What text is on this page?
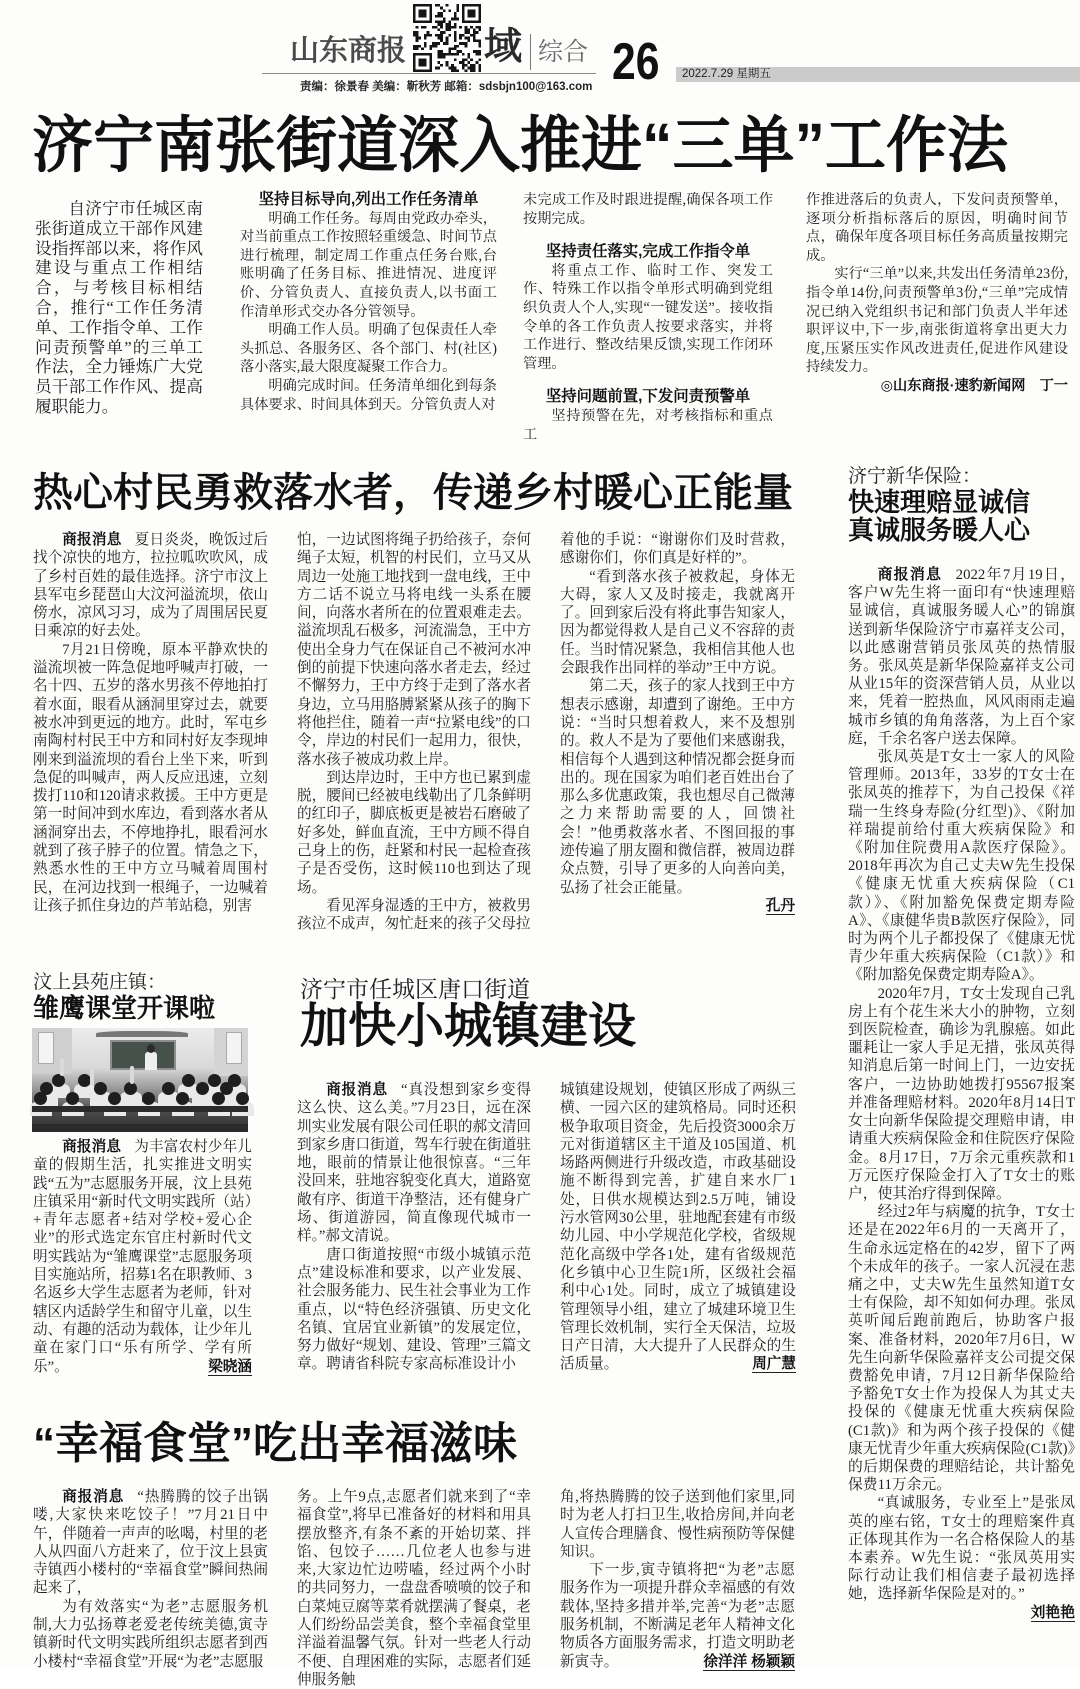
山东商报 域 综合
责编：徐景春 美编：靳秋芳 邮箱：sdsbjn100@163.com 26	2022.7.29 星期五
济宁南张街道深入推进“三单”工作法

自济宁市任城区南张街道成立干部作风建设指挥部以来，将作风建设与重点工作相结合，与考核目标相结合，推行“工作任务清单、工作指令单、工作问责预警单”的三单工作法，全力锤炼广大党员干部工作作风、提高履职能力。

坚持目标导向,列出工作任务清单

明确工作任务。每周由党政办牵头，对当前重点工作按照轻重缓急、时间节点进行梳理，制定周工作重点任务台账,台账明确了任务目标、推进情况、进度评价、分管负责人、直接负责人,以书面工作清单形式交办各分管领导。

明确工作人员。明确了包保责任人牵头抓总、各服务区、各个部门、村(社区)落小落实,最大限度凝聚工作合力。

明确完成时间。任务清单细化到每条具体要求、时间具体到天。分管负责人对

未完成工作及时跟进提醒,确保各项工作按期完成。

坚持责任落实,完成工作指令单

将重点工作、临时工作、突发工作、特殊工作以指令单形式明确到党组织负责人个人,实现“一键发送”。接收指令单的各工作负责人按要求落实，并将工作进行、整改结果反馈,实现工作闭环管理。

坚持问题前置,下发问责预警单

坚持预警在先，对考核指标和重点工

作推进落后的负责人，下发问责预警单，逐项分析指标落后的原因，明确时间节点，确保年度各项目标任务高质量按期完成。

实行“三单”以来,共发出任务清单23份,指令单14份,问责预警单3份,“三单”完成情况已纳入党组织书记和部门负责人半年述职评议中,下一步,南张街道将拿出更大力度,压紧压实作风改进责任,促进作风建设持续发力。

◎山东商报·速豹新闻网　丁一
热心村民勇救落水者，传递乡村暖心正能量

商报消息 夏日炎炎，晚饭过后找个凉快的地方，拉拉呱吹吹风，成了乡村百姓的最佳选择。济宁市汶上县军屯乡琵琶山大汶河溢流坝，依山傍水，凉风习习，成为了周围居民夏日乘凉的好去处。

7月21日傍晚，原本平静欢快的溢流坝被一阵急促地呼喊声打破，一名十四、五岁的落水男孩不停地拍打着水面，眼看从涵洞里穿过去，就要被水冲到更远的地方。此时，军屯乡南陶村村民王中方和同村好友李现坤刚来到溢流坝的看台上坐下来，听到急促的叫喊声，两人反应迅速，立刻拨打110和120请求救援。王中方更是第一时间冲到水库边，看到落水者从涵洞穿出去，不停地挣扎，眼看河水就到了孩子脖子的位置。情急之下，熟悉水性的王中方立马喊着周围村民，在河边找到一根绳子，一边喊着让孩子抓住身边的芦苇站稳，别害

怕，一边试图将绳子扔给孩子，奈何绳子太短，机智的村民们，立马又从周边一处施工地找到一盘电线，王中方二话不说立马将电线一头系在腰间，向落水者所在的位置艰难走去。溢流坝乱石极多，河流湍急，王中方使出全身力气在保证自己不被河水冲倒的前提下快速向落水者走去，经过不懈努力，王中方终于走到了落水者身边，立马用胳膊紧紧从孩子的胸下将他拦住，随着一声“拉紧电线”的口令，岸边的村民们一起用力，很快，落水孩子被成功救上岸。

到达岸边时，王中方也已累到虚脱，腰间已经被电线勒出了几条鲜明的红印子，脚底板更是被岩石磨破了好多处，鲜血直流，王中方顾不得自己身上的伤，赶紧和村民一起检查孩子是否受伤，这时候110也到达了现场。

看见浑身湿透的王中方，被救男孩泣不成声，匆忙赶来的孩子父母拉

着他的手说：“谢谢你们及时营救，感谢你们，你们真是好样的”。

“看到落水孩子被救起，身体无大碍，家人又及时接走，我就离开了。回到家后没有将此事告知家人，因为都觉得救人是自己义不容辞的责任。当时情况紧急，我相信其他人也会跟我作出同样的举动”王中方说。

第二天，孩子的家人找到王中方想表示感谢，却遭到了谢绝。王中方说：“当时只想着救人，来不及想别的。救人不是为了要他们来感谢我，相信每个人遇到这种情况都会挺身而出的。现在国家为咱们老百姓出台了那么多优惠政策，我也想尽自己微薄之力来帮助需要的人，回馈社会！”他勇救落水者、不图回报的事迹传遍了朋友圈和微信群，被周边群众点赞，引导了更多的人向善向美，弘扬了社会正能量。

孔丹
济宁新华保险：
快速理赔显诚信
真诚服务暖人心

商报消息 2022年7月19日，客户W先生将一面印有“快速理赔显诚信，真诚服务暖人心”的锦旗送到新华保险济宁市嘉祥支公司，以此感谢营销员张凤英的热情服务。张凤英是新华保险嘉祥支公司从业15年的资深营销人员，从业以来，凭着一腔热血，风风雨雨走遍城市乡镇的角角落落，为上百个家庭，千余名客户送去保障。

张凤英是T女士一家人的风险管理师。2013年，33岁的T女士在张凤英的推荐下，为自己投保《祥瑞一生终身寿险(分红型)》、《附加祥瑞提前给付重大疾病保险》和《附加住院费用A款医疗保险》。2018年再次为自己丈夫W先生投保《健康无忧重大疾病保险（C1款）》、《附加豁免保费定期寿险A》、《康健华贵B款医疗保险》，同时为两个儿子都投保了《健康无忧青少年重大疾病保险（C1款）》和《附加豁免保费定期寿险A》。

2020年7月，T女士发现自己乳房上有个花生米大小的肿物，立刻到医院检查，确诊为乳腺癌。如此噩耗让一家人手足无措，张凤英得知消息后第一时间上门，一边安抚客户，一边协助她拨打95567报案并准备理赔材料。2020年8月14日T女士向新华保险提交理赔申请，申请重大疾病保险金和住院医疗保险金。8月17日，7万余元重疾款和1万元医疗保险金打入了T女士的账户，使其治疗得到保障。

经过2年与病魔的抗争，T女士还是在2022年6月的一天离开了，生命永远定格在的42岁，留下了两个未成年的孩子。一家人沉浸在悲痛之中，丈夫W先生虽然知道T女士有保险，却不知如何办理。张凤英听闻后跑前跑后，协助客户报案、准备材料，2020年7月6日，W先生向新华保险嘉祥支公司提交保费豁免申请，7月12日新华保险给予豁免T女士作为投保人为其丈夫投保的《健康无忧重大疾病保险(C1款)》和为两个孩子投保的《健康无忧青少年重大疾病保险(C1款)》的后期保费的理赔结论，共计豁免保费11万余元。

“真诚服务，专业至上”是张凤英的座右铭，T女士的理赔案件真正体现其作为一名合格保险人的基本素养。W先生说：“张凤英用实际行动让我们相信妻子最初选择她，选择新华保险是对的。”

刘艳艳
汶上县苑庄镇：
雏鹰课堂开课啦

商报消息 为丰富农村少年儿童的假期生活，扎实推进文明实践“五为”志愿服务开展，汶上县苑庄镇采用“新时代文明实践所（站）+青年志愿者+结对学校+爱心企业”的形式选定东官庄村新时代文明实践站为“雏鹰课堂”志愿服务项目实施站所，招募1名在职教师、3名返乡大学生志愿者为老师，针对辖区内适龄学生和留守儿童，以生动、有趣的活动为载体，让少年儿童在家门口“乐有所学、学有所乐”。	梁晓涵
济宁市任城区唐口街道
加快小城镇建设

商报消息 “真没想到家乡变得这么快、这么美。”7月23日，远在深圳实业发展有限公司任职的郝文清回到家乡唐口街道，驾车行驶在街道驻地，眼前的情景让他很惊喜。“三年没回来，驻地容貌变化真大，道路宽敞有序、街道干净整洁，还有健身广场、街道游园，简直像现代城市一样。”郝文清说。

唐口街道按照“市级小城镇示范点”建设标准和要求，以产业发展、社会服务能力、民生社会事业为工作重点，以“特色经济强镇、历史文化名镇、宜居宜业新镇”的发展定位，努力做好“规划、建设、管理”三篇文章。聘请省科院专家高标准设计小

城镇建设规划，使镇区形成了两纵三横、一园六区的建筑格局。同时还积极争取项目资金，先后投资3000余万元对街道辖区主干道及105国道、机场路两侧进行升级改造，市政基础设施不断得到完善，扩建自来水厂1处，日供水规模达到2.5万吨，铺设污水管网30公里，驻地配套建有市级幼儿园、中小学规范化学校，省级规范化高级中学各1处，建有省级规范化乡镇中心卫生院1所，区级社会福利中心1处。同时，成立了城镇建设管理领导小组，建立了城建环境卫生管理长效机制，实行全天保洁，垃圾日产日清，大大提升了人民群众的生活质量。	周广慧
“幸福食堂”吃出幸福滋味

商报消息 “热腾腾的饺子出锅喽,大家快来吃饺子！”7月21日中午，伴随着一声声的吆喝，村里的老人从四面八方赶来了，位于汶上县寅寺镇西小楼村的“幸福食堂”瞬间热闹起来了，

为有效落实“为老”志愿服务机制,大力弘扬尊老爱老传统美德,寅寺镇新时代文明实践所组织志愿者到西小楼村“幸福食堂”开展“为老”志愿服

务。上午9点,志愿者们就来到了“幸福食堂”,将早已准备好的材料和用具摆放整齐,有条不紊的开始切菜、拌馅、包饺子……几位老人也参与进来,大家边忙边唠嗑，经过两个小时的共同努力，一盘盘香喷喷的饺子和白菜炖豆腐等菜肴就摆满了餐桌，老人们纷纷品尝美食，整个幸福食堂里洋溢着温馨气氛。针对一些老人行动不便、自理困难的实际，志愿者们延伸服务触

角,将热腾腾的饺子送到他们家里,同时为老人打扫卫生,收拾房间,并向老人宣传合理膳食、慢性病预防等保健知识。

下一步,寅寺镇将把“为老”志愿服务作为一项提升群众幸福感的有效载体,坚持多措并举,完善“为老”志愿服务机制，不断满足老年人精神文化物质各方面服务需求，打造文明助老新寅寺。	徐洋洋 杨颖颖
